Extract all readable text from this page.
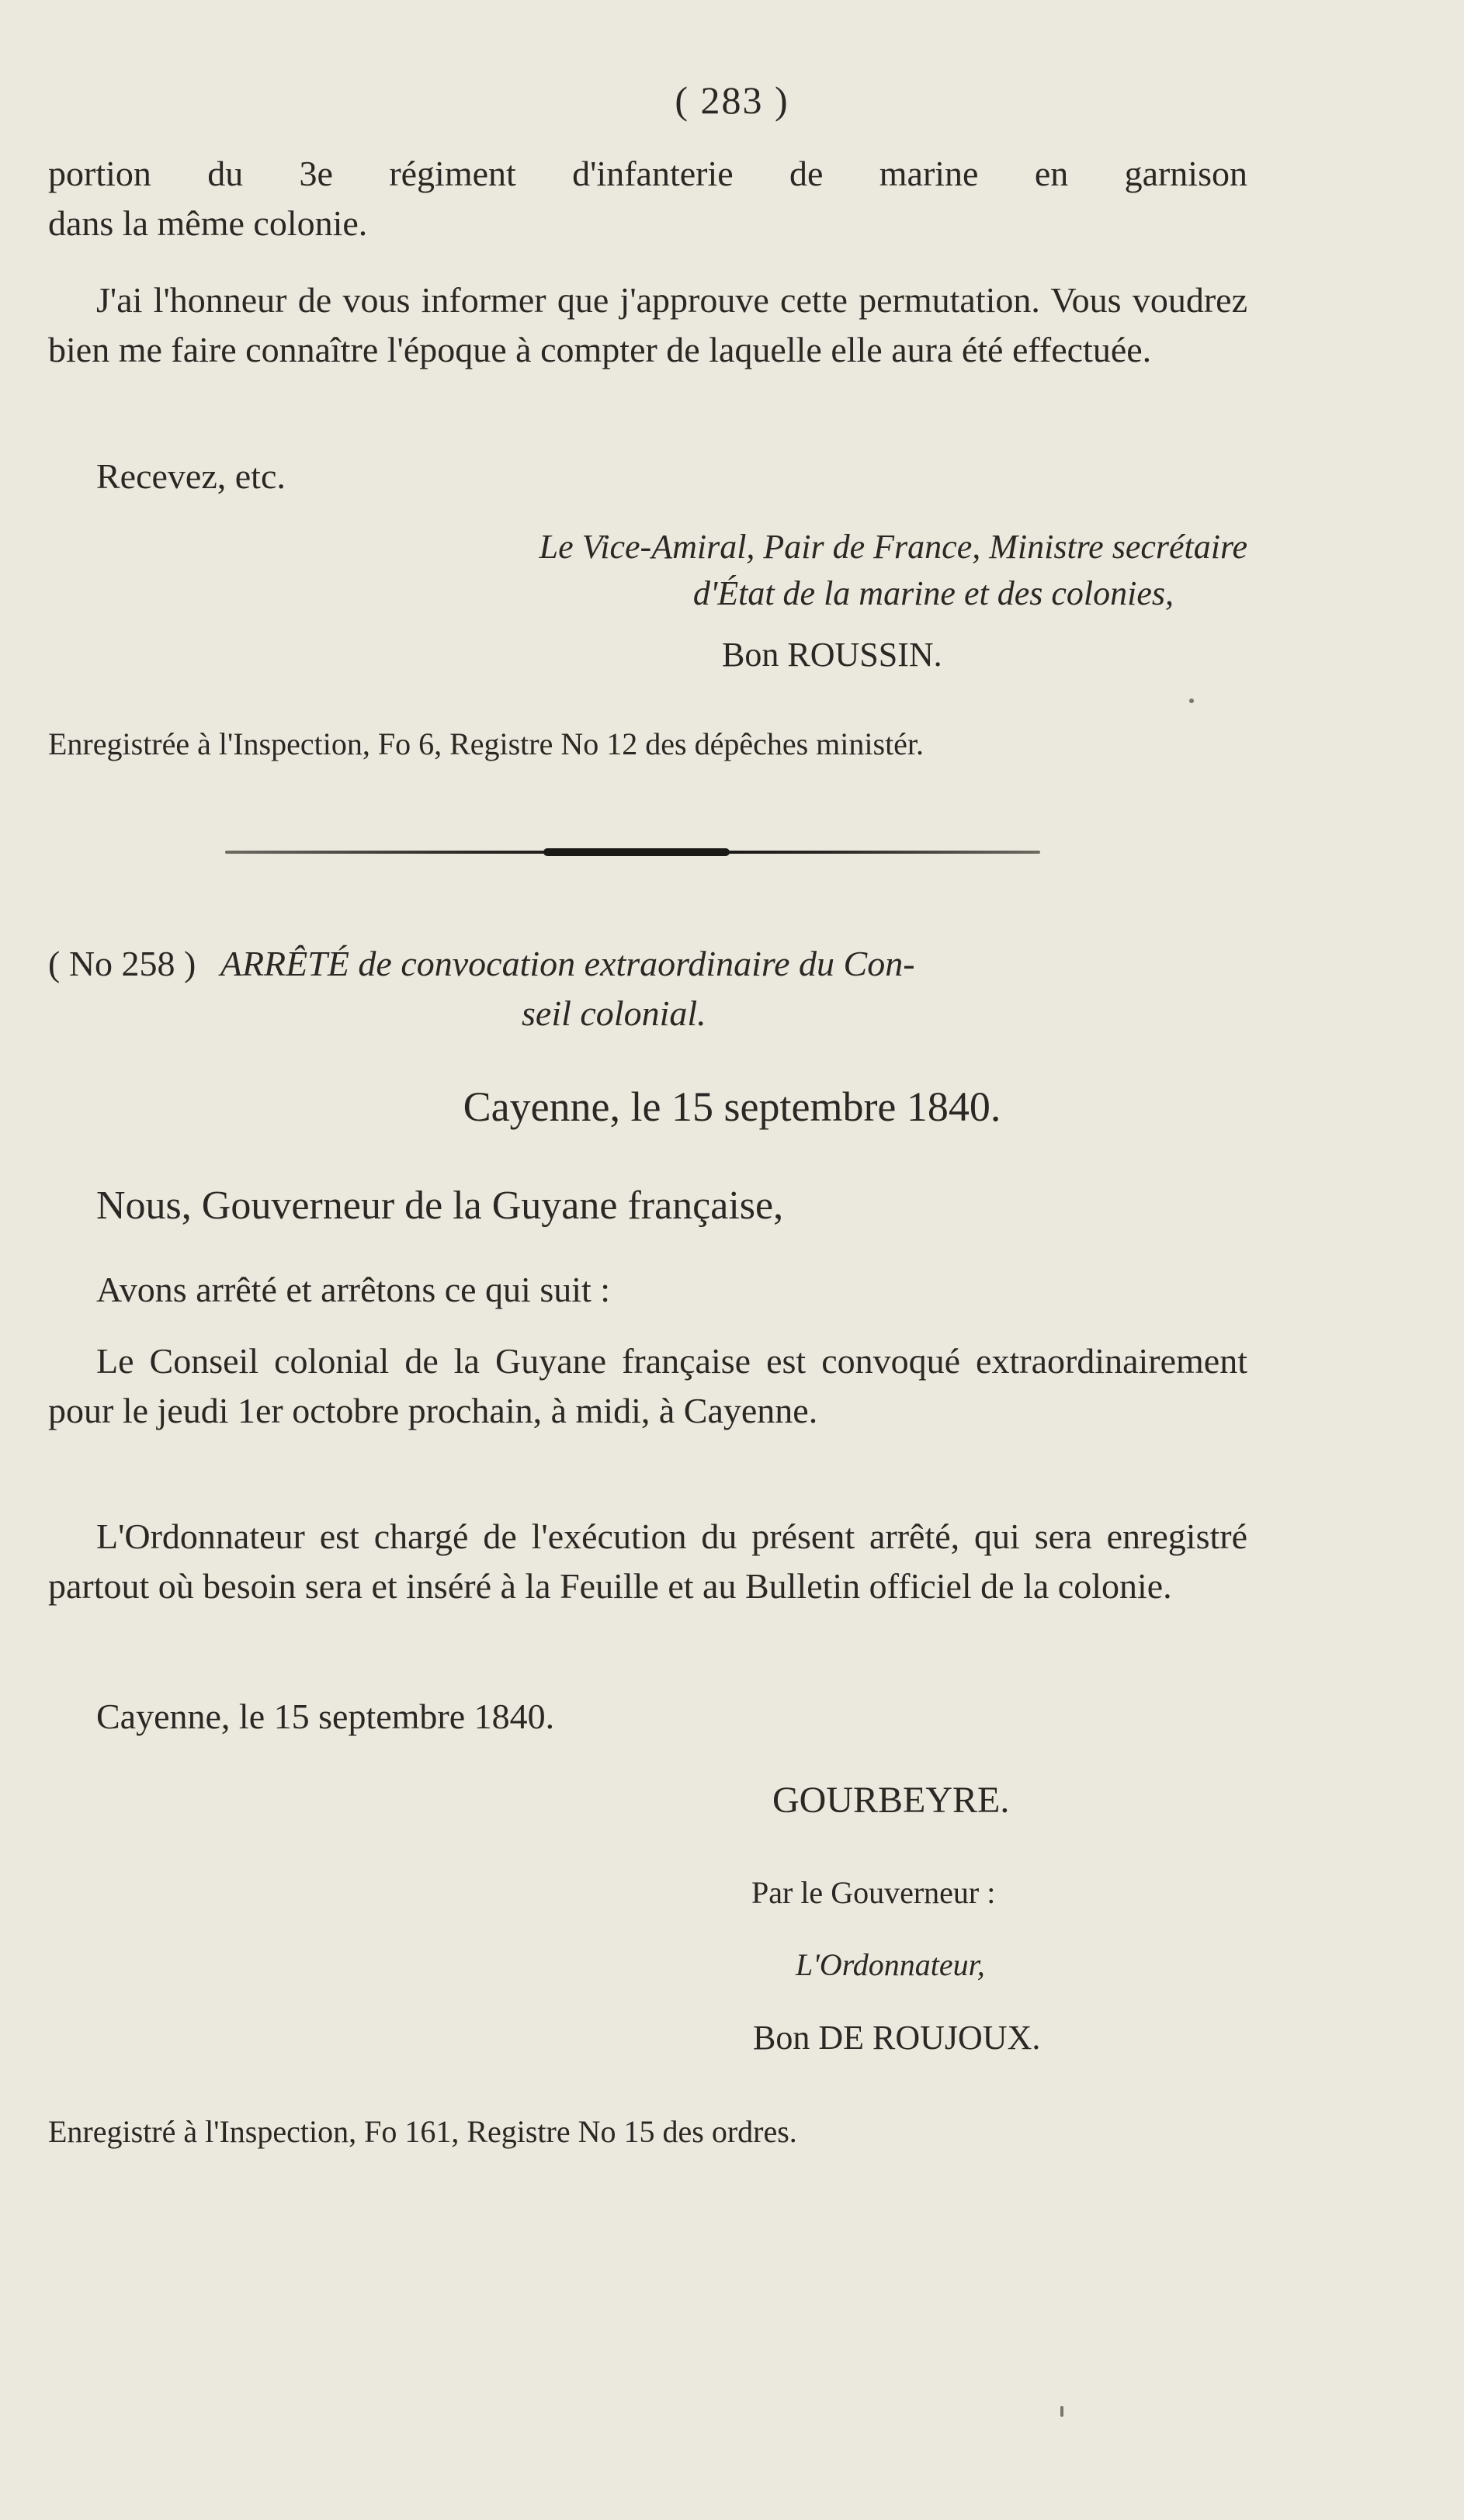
( 283 )
portion du 3e régiment d'infanterie de marine en garnison
dans la même colonie.
J'ai l'honneur de vous informer que j'approuve cette permutation. Vous voudrez bien me faire connaître l'époque à compter de laquelle elle aura été effectuée.
Recevez, etc.
Le Vice-Amiral, Pair de France, Ministre secrétaire
d'État de la marine et des colonies,
Bon ROUSSIN.
Enregistrée à l'Inspection, Fo 6, Registre No 12 des dépêches ministér.
( No 258 ) ARRÊTÉ de convocation extraordinaire du Con-
seil colonial.
Cayenne, le 15 septembre 1840.
Nous, Gouverneur de la Guyane française,
Avons arrêté et arrêtons ce qui suit :
Le Conseil colonial de la Guyane française est convoqué extraordinairement pour le jeudi 1er octobre prochain, à midi, à Cayenne.
L'Ordonnateur est chargé de l'exécution du présent arrêté, qui sera enregistré partout où besoin sera et inséré à la Feuille et au Bulletin officiel de la colonie.
Cayenne, le 15 septembre 1840.
GOURBEYRE.
Par le Gouverneur :
L'Ordonnateur,
Bon DE ROUJOUX.
Enregistré à l'Inspection, Fo 161, Registre No 15 des ordres.
